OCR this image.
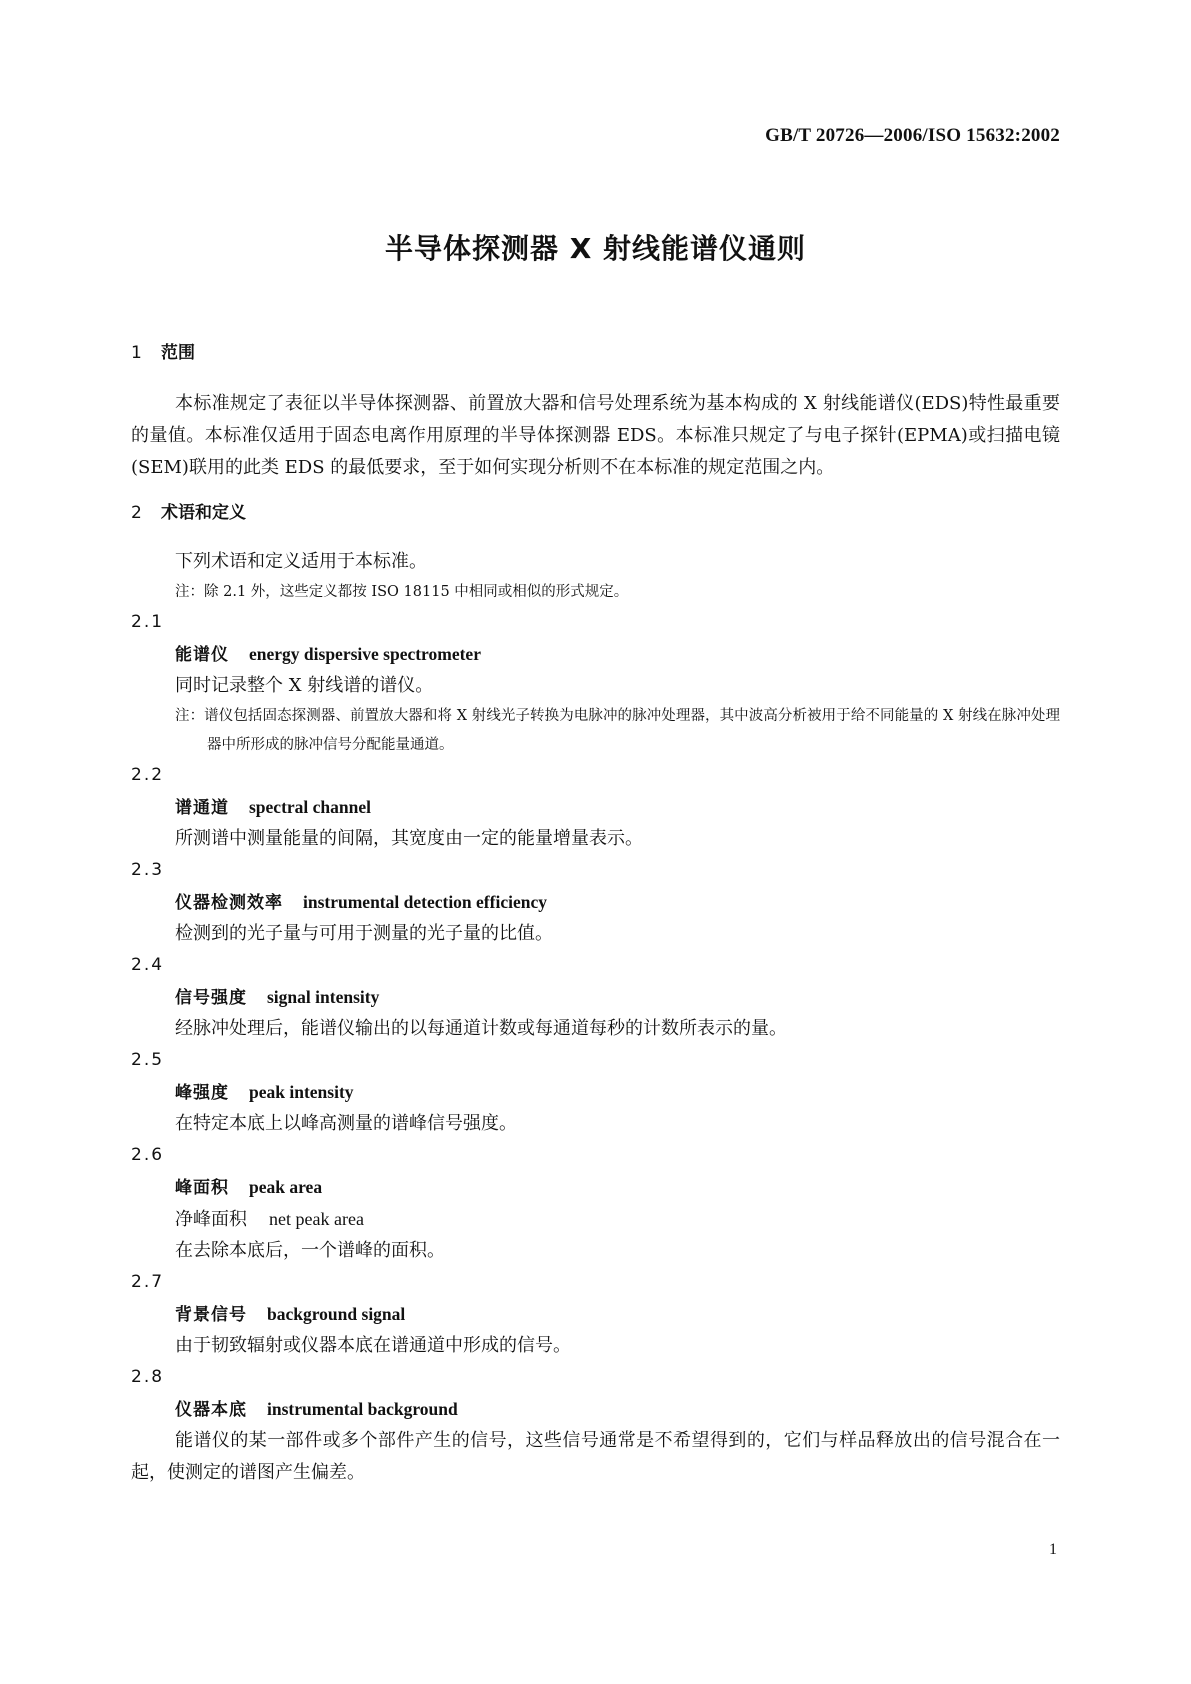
GB/T 20726—2006/ISO 15632:2002
半导体探测器 X 射线能谱仪通则
1 范围

本标准规定了表征以半导体探测器、前置放大器和信号处理系统为基本构成的 X 射线能谱仪(EDS)特性最重要的量值。本标准仅适用于固态电离作用原理的半导体探测器 EDS。本标准只规定了与电子探针(EPMA)或扫描电镜(SEM)联用的此类 EDS 的最低要求，至于如何实现分析则不在本标准的规定范围之内。

2 术语和定义

下列术语和定义适用于本标准。

注：除 2.1 外，这些定义都按 ISO 18115 中相同或相似的形式规定。

2.1
能谱仪 energy dispersive spectrometer

同时记录整个 X 射线谱的谱仪。

注：谱仪包括固态探测器、前置放大器和将 X 射线光子转换为电脉冲的脉冲处理器，其中波高分析被用于给不同能量的 X 射线在脉冲处理器中所形成的脉冲信号分配能量通道。

2.2
谱通道 spectral channel

所测谱中测量能量的间隔，其宽度由一定的能量增量表示。

2.3
仪器检测效率 instrumental detection efficiency

检测到的光子量与可用于测量的光子量的比值。

2.4
信号强度 signal intensity

经脉冲处理后，能谱仪输出的以每通道计数或每通道每秒的计数所表示的量。

2.5
峰强度 peak intensity

在特定本底上以峰高测量的谱峰信号强度。

2.6
峰面积 peak area
净峰面积 net peak area

在去除本底后，一个谱峰的面积。

2.7
背景信号 background signal

由于韧致辐射或仪器本底在谱通道中形成的信号。

2.8
仪器本底 instrumental background

能谱仪的某一部件或多个部件产生的信号，这些信号通常是不希望得到的，它们与样品释放出的信号混合在一起，使测定的谱图产生偏差。

1
